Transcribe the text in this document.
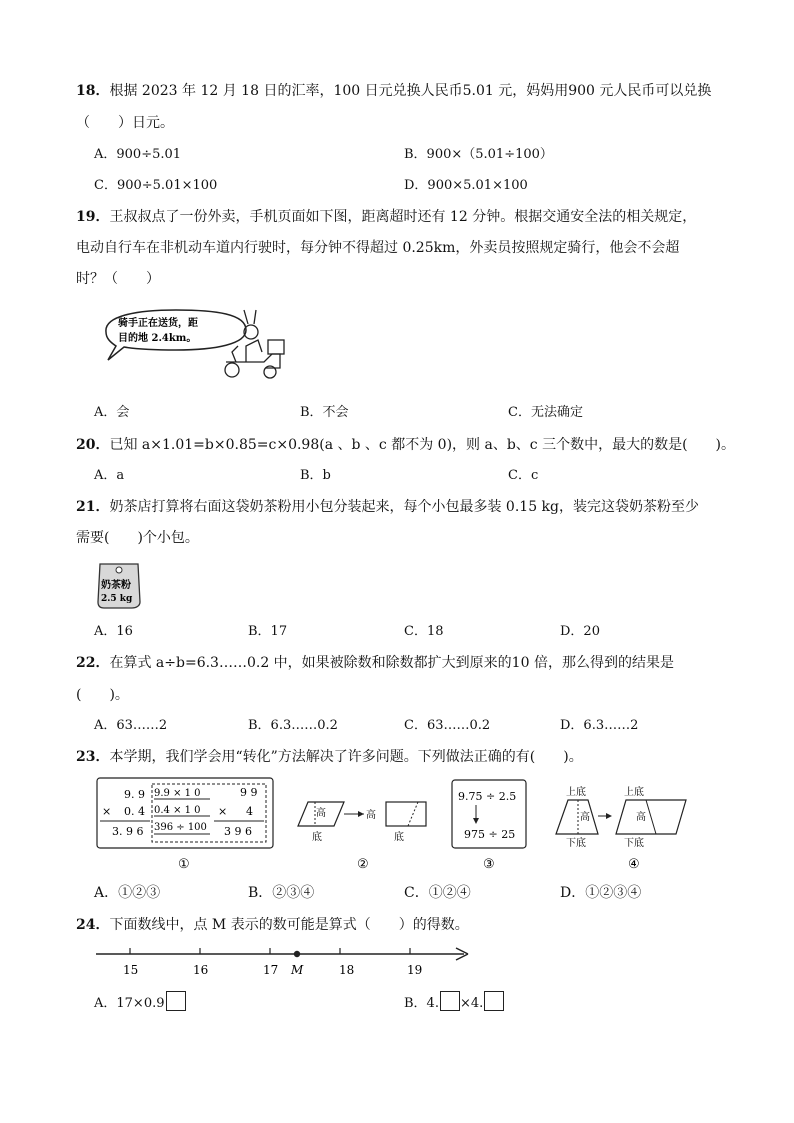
18．根据 2023 年 12 月 18 日的汇率，100 日元兑换人民币5.01 元，妈妈用900 元人民币可以兑换
（　　）日元。
A．900÷5.01	B．900×（5.01÷100）
C．900÷5.01×100	D．900×5.01×100
19．王叔叔点了一份外卖，手机页面如下图，距离超时还有 12 分钟。根据交通安全法的相关规定，
电动自行车在非机动车道内行驶时，每分钟不得超过 0.25km，外卖员按照规定骑行，他会不会超
时？（　　）
骑手正在送货，距
目的地 2.4km。
A．会	B．不会	C．无法确定
20．已知 a×1.01=b×0.85=c×0.98(a 、b 、c 都不为 0)，则 a、b、c 三个数中，最大的数是(　　)。
A．a	B．b	C．c
21．奶茶店打算将右面这袋奶茶粉用小包分装起来，每个小包最多装 0.15 kg，装完这袋奶茶粉至少
需要(　　)个小包。
奶茶粉
2.5 kg
A．16	B．17	C．18	D．20
22．在算式 a÷b=6.3……0.2 中，如果被除数和除数都扩大到原来的10 倍，那么得到的结果是
(　　)。
A．63……2	B．6.3……0.2	C．63……0.2	D．6.3……2
23．本学期，我们学会用“转化”方法解决了许多问题。下列做法正确的有(　　)。
9. 9
× 0. 4
3. 9 6
9.9 × 1 0
0.4 × 1 0
396 ÷ 100
9 9
× 4
3 9 6
①
高
底
高
底
②
9.75 ÷ 2.5
975 ÷ 25
③
上底
高
下底
上底
高
下底
④
A．①②③	B．②③④	C．①②④	D．①②③④
24．下面数线中，点 M 表示的数可能是算式（　　）的得数。
15	16	17 M	18	19
A．17×0.9	B．4. ×4.
